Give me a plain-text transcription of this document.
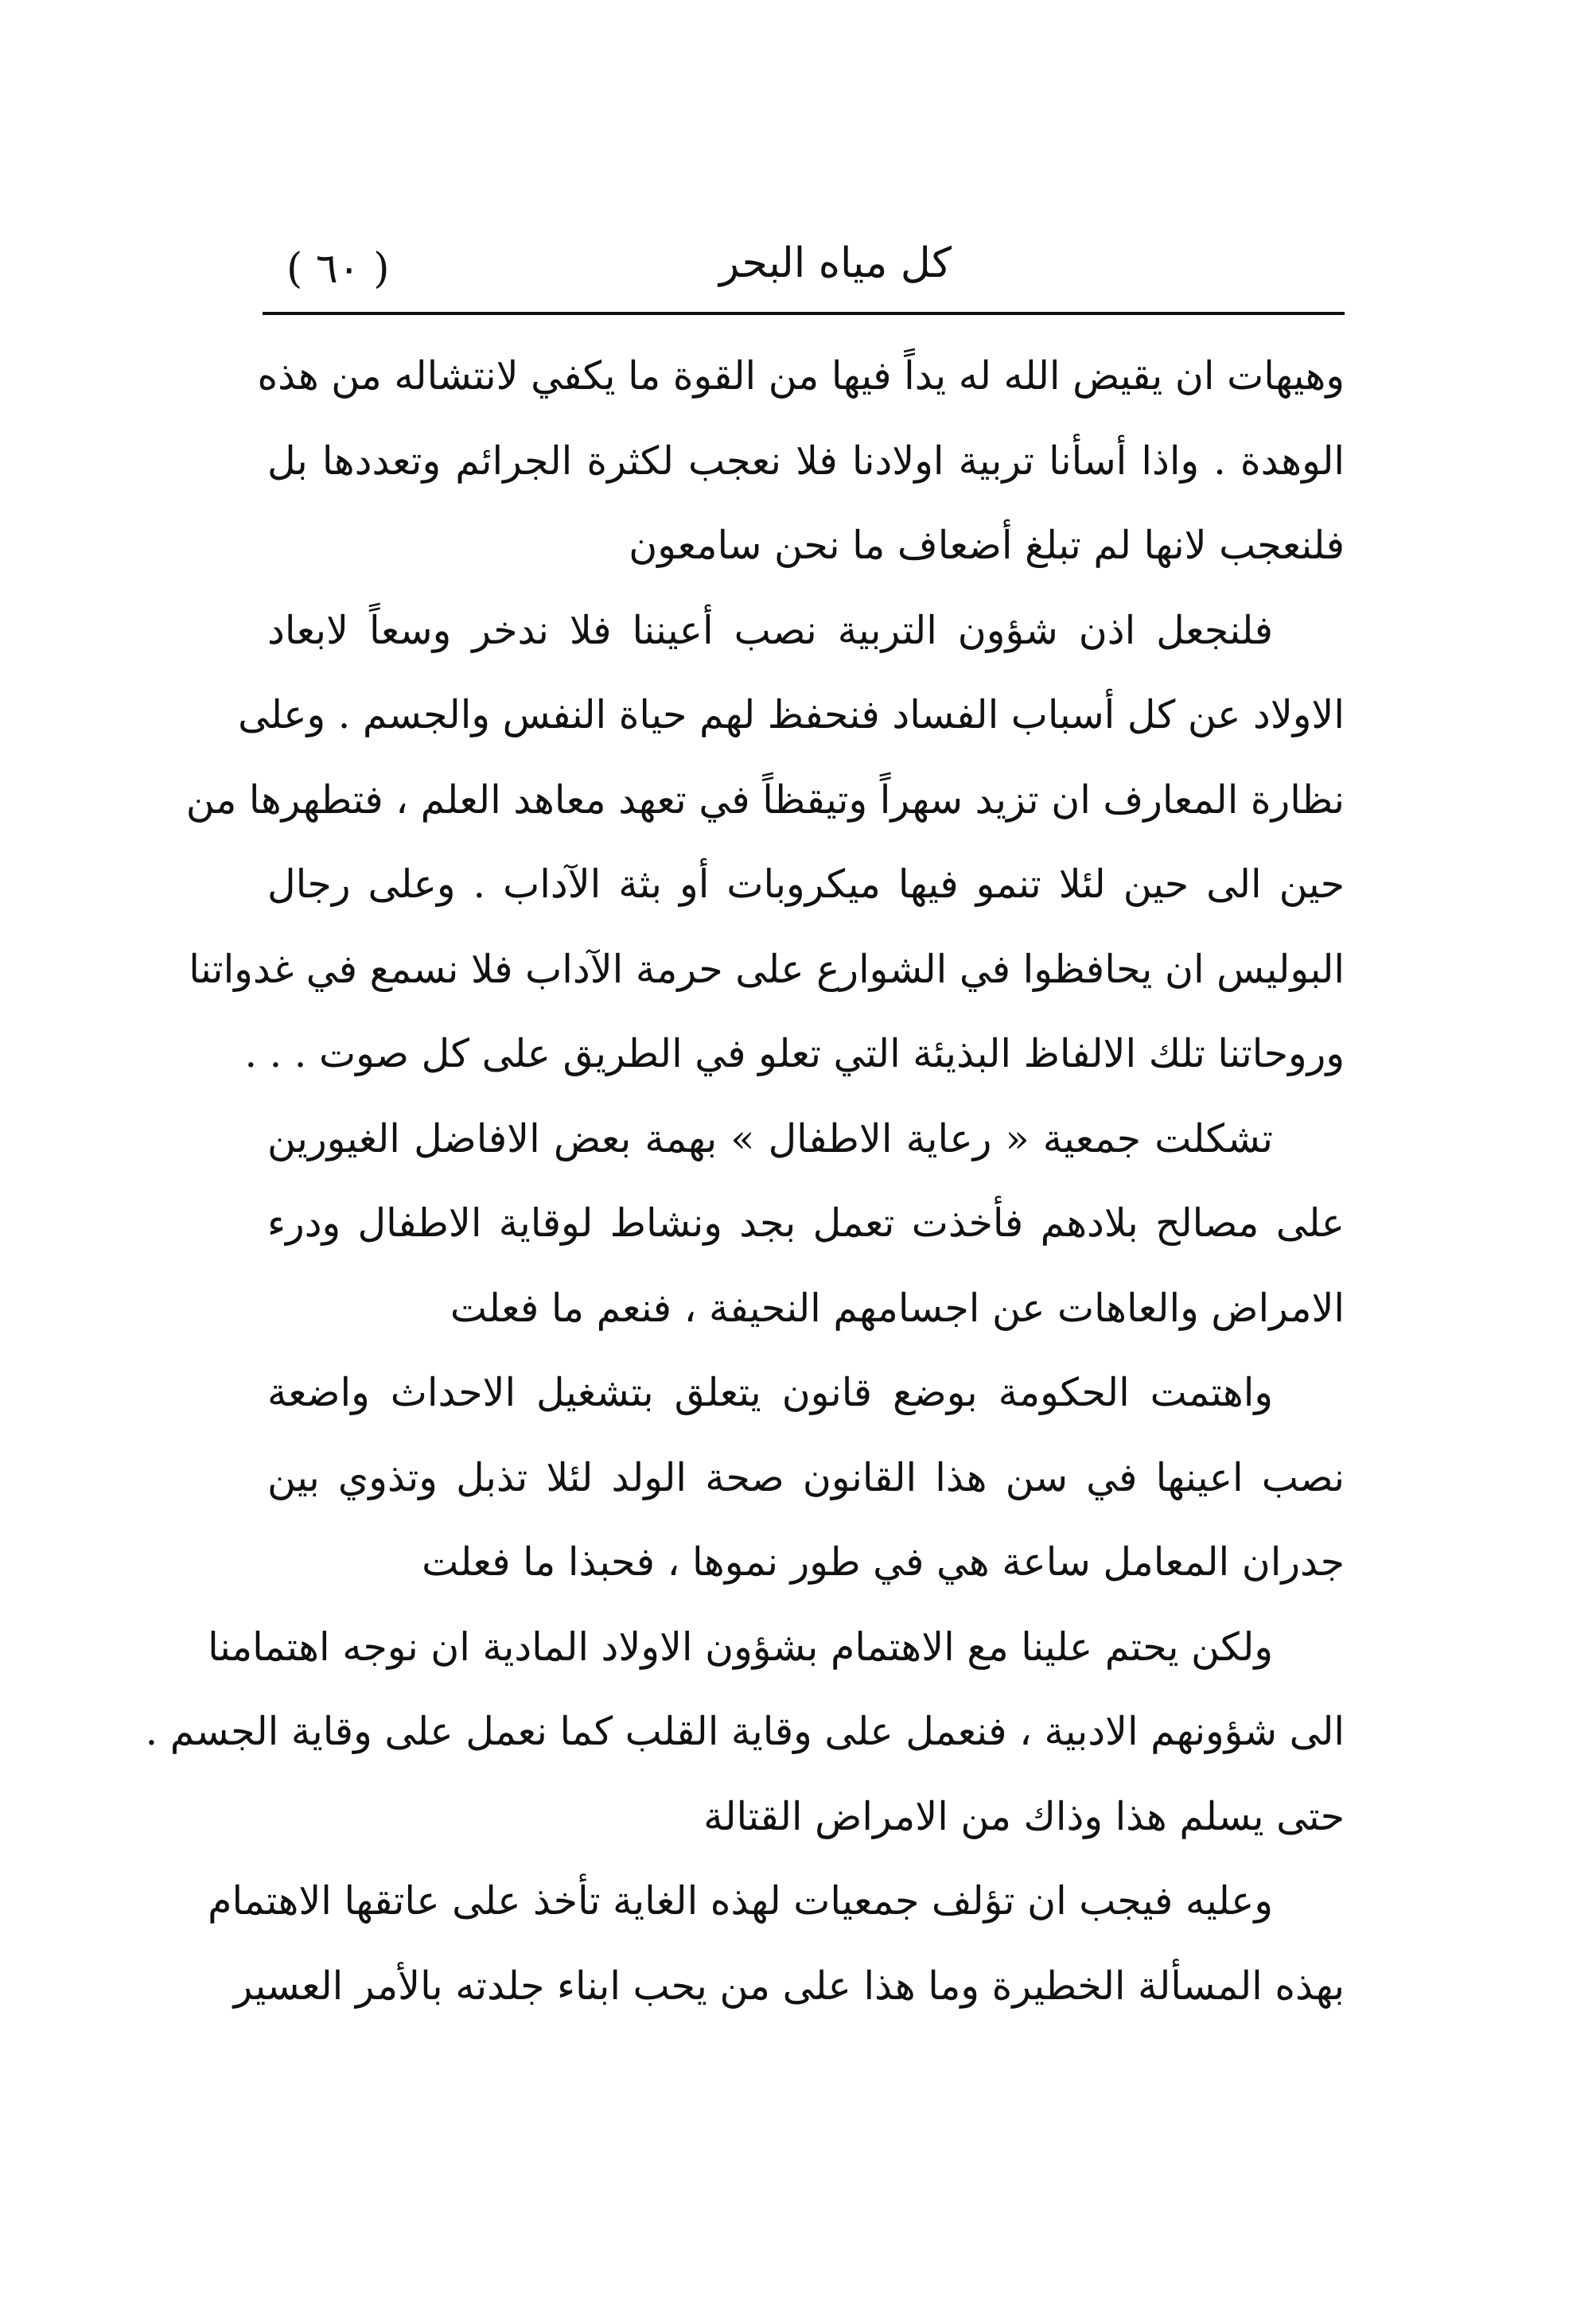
( ٦٠ )	كل مياه البحر
وهيهات ان يقيض الله له يداً فيها من القوة ما يكفي لانتشاله من هذه
الوهدة . واذا أسأنا تربية اولادنا فلا نعجب لكثرة الجرائم وتعددها بل
فلنعجب لانها لم تبلغ أضعاف ما نحن سامعون
فلنجعل اذن شؤون التربية نصب أعيننا فلا ندخر وسعاً لابعاد
الاولاد عن كل أسباب الفساد فنحفظ لهم حياة النفس والجسم . وعلى
نظارة المعارف ان تزيد سهراً وتيقظاً في تعهد معاهد العلم ، فتطهرها من
حين الى حين لئلا تنمو فيها ميكروبات أو بثة الآداب . وعلى رجال
البوليس ان يحافظوا في الشوارع على حرمة الآداب فلا نسمع في غدواتنا
وروحاتنا تلك الالفاظ البذيئة التي تعلو في الطريق على كل صوت . . .
تشكلت جمعية « رعاية الاطفال » بهمة بعض الافاضل الغيورين
على مصالح بلادهم فأخذت تعمل بجد ونشاط لوقاية الاطفال ودرء
الامراض والعاهات عن اجسامهم النحيفة ، فنعم ما فعلت
واهتمت الحكومة بوضع قانون يتعلق بتشغيل الاحداث واضعة
نصب اعينها في سن هذا القانون صحة الولد لئلا تذبل وتذوي بين
جدران المعامل ساعة هي في طور نموها ، فحبذا ما فعلت
ولكن يحتم علينا مع الاهتمام بشؤون الاولاد المادية ان نوجه اهتمامنا
الى شؤونهم الادبية ، فنعمل على وقاية القلب كما نعمل على وقاية الجسم .
حتى يسلم هذا وذاك من الامراض القتالة
وعليه فيجب ان تؤلف جمعيات لهذه الغاية تأخذ على عاتقها الاهتمام
بهذه المسألة الخطيرة وما هذا على من يحب ابناء جلدته بالأمر العسير
